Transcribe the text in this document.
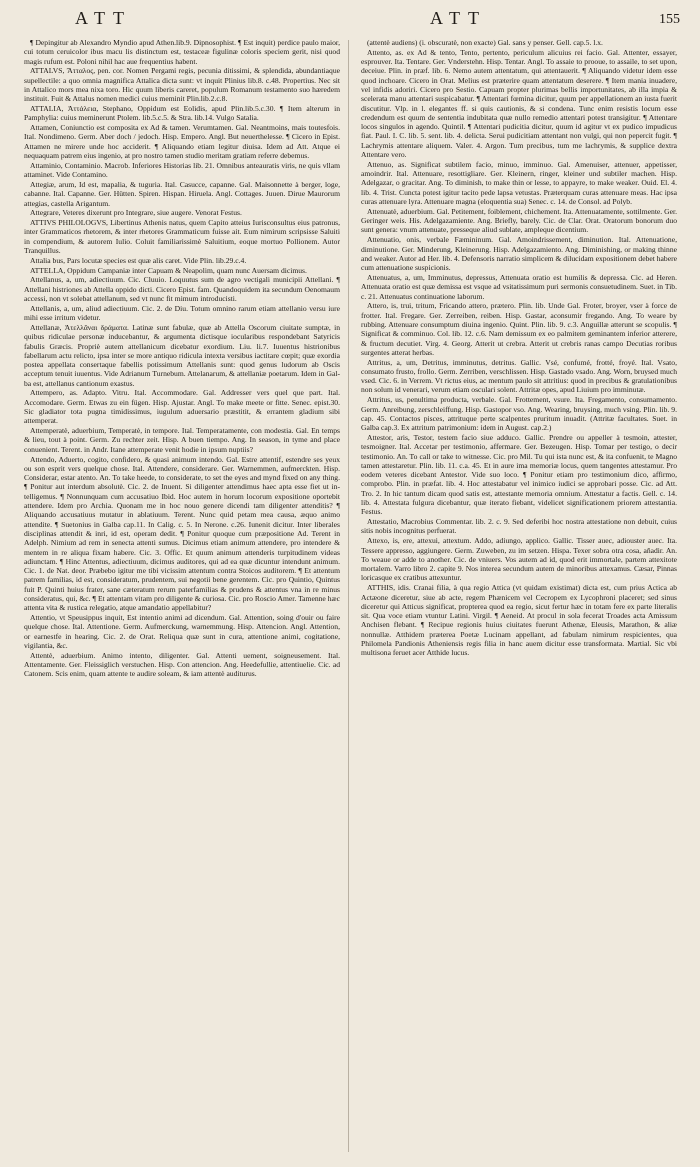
ATT	ATT	155

¶ Depingitur ab Alexandro Myndio apud Athen.lib.9. Dipnosophist. ¶ Est inquit) perdice paulo maior, cui totum ceruicolor ibus macu lis distinctum est, testaceæ figulinæ coloris speciem gerit, nisi quod magis rufum est. Poloni nihil hac aue frequentius habent.

ATTALVS, Ἄτταλος, pen. cor. Nomen Pergami regis, pecunia ditissimi, & splendida, abundantiaque supellectile: a quo omnia magnifica Attalica dicta sunt: vt inquit Plinius lib.8. c.48. Propertius. Nec sit in Attalico mors mea nixa toro. Hic quum liberis careret, populum Romanum testamento suo hæredem instituit. Fuit & Attalus nomen medici cuius meminit Plin.lib.2.c.8.

ATTALIA, Ἀττάλεια, Stephano, Oppidum est Eolidis, apud Plin.lib.5.c.30. ¶ Item alterum in Pamphylia: cuius meminerunt Ptolem. lib.5.c.5. & Stra. lib.14. Vulgo Satalia.

Attamen, Coniunctio est composita ex Ad & tamen. Verumtamen. Gal. Neantmoins, mais toutesfois. Ital. Nondimeno. Germ. Aber doch / jedoch. Hisp. Empero. Angl. But neuerthelesse. ¶ Cicero in Epist. Attamen ne mirere unde hoc acciderit. ¶ Aliquando etiam legitur diuisa. Idem ad Att. Atque ei nequaquam patrem eius ingenio, at pro nostro tamen studio meritam gratiam referre debemus.

Attaminio, Contaminio. Macrob. Inferiores Historias lib. 21. Omnibus anteauratis viris, ne quis vllam attaminet. Vide Contamino.

Attegiæ, arum, Id est, mapalia, & tuguria. Ital. Casucce, capanne. Gal. Maisonnette à berger, loge, cabanne. Ital. Capanne. Ger. Hütten. Spiren. Hispan. Hiruela. Angl. Cottages. Juuen. Dirue Maurorum attegias, castella Arigantum.

Attegrare, Veteres dixerunt pro Integrare, siue augere. Venorat Festus.

ATTIVS PHILOLOGVS, Libertinus Athenis natus, quem Capito atteius Iurisconsultus eius patronus, inter Grammaticos rhetorem, & inter rhetores Grammaticum fuisse ait. Eum nimirum scripsisse Saluiti in compendium, & autorem Iulio. Coluit familiarissimè Saluitium, eoque mortuo Pollionem. Autor Tranquillus.

Attalia bus, Pars locutæ species est quæ alis caret. Vide Plin. lib.29.c.4.

ATTELLA, Oppidum Campaniæ inter Capuam & Neapolim, quam nunc Auersam dicimus.

Attellanus, a, um, adiectiuum. Cic. Cluuio. Loquutus sum de agro vectigali municipii Attellani. ¶ Attellani histriones ab Attella oppido dicti. Cicero Epist. fam. Quandoquidem ita secundum Oenomaum accessi, non vt solebat attellanum, sed vt nunc fit mimum introducisti.

Attellanis, a, um, aliud adiectiuum. Cic. 2. de Diu. Totum omnino rarum etiam attellanio versu iure mihi esse irritum videtur.

Attellanæ, Ἀτελλᾶναι δράματα. Latinæ sunt fabulæ, quæ ab Attella Oscorum ciuitate sumptæ, in quibus ridiculae personæ inducebantur, & argumenta dictisque iocularibus respondebant Satyricis fabulis Græcis. Propriè autem attellanicum dicebatur exordium. Liu. li.7. Iuuentus histrionibus fabellarum actu relicto, ipsa inter se more antiquo ridicula intexta versibus iactitare cœpit; quæ exordia postea appellata consertaque fabellis potissimum Attellanis sunt: quod genus ludorum ab Oscis acceptum tenuit iuuentus. Vide Adrianum Turnebum. Attelanarum, & attellaniæ poetarum. Idem in Galba est, attellanus cantionum exastus.

Attempero, as. Adapto. Vitru. Ital. Accommodare. Gal. Addresser vers quel que part. Ital. Accomodare. Germ. Etwas zu ein fügen. Hisp. Ajustar. Angl. To make meete or fitte. Senec. epist.30. Sic gladiator tota pugna timidissimus, iugulum aduersario præstitit, & errantem gladium sibi attemperat.

Attemperatè, aduerbium, Temperatè, in tempore. Ital. Temperatamente, con modestia. Gal. En temps & lieu, tout à point. Germ. Zu rechter zeit. Hisp. A buen tiempo. Ang. In season, in tyme and place conuenient. Terent. in Andr. Itane attemperate venit hodie in ipsum nuptiis?

Attendo, Aduerto, cogito, confidero, & quasi animum intendo. Gal. Estre attentif, estendre ses yeux ou son esprit vers quelque chose. Ital. Attendere, considerare. Ger. Warnemmen, aufmerckten. Hisp. Considerar, estar atento. An. To take heede, to considerate, to set the eyes and mynd fixed on any thing. ¶ Ponitur aut interdum absolutè. Cic. 2. de Inuent. Si diligenter attendimus haec apta esse fiet ut intelligemus. ¶ Nonnunquam cum accusatiuo Ibid. Hoc autem in horum locorum expositione oportebit attendere. Idem pro Archia. Quonam me in hoc nouo genere dicendi tam diligenter attenditis? ¶ Aliquando accusatiuus mutatur in ablatiuum. Terent. Nunc quid petam mea causa, æquo animo attendite. ¶ Suetonius in Galba cap.11. In Calig. c. 5. In Nerone. c.26. Iunenit dicitur. Inter liberales disciplinas attendit & inri, id est, operam dedit. ¶ Ponitur quoque cum præpositione Ad. Terent in Adelph. Nimium ad rem in senecta attenti sumus. Dicimus etiam animum attendere, pro intendere & mentem in re aliqua fixam habere. Cic. 3. Offic. Et quum animum attenderis turpitudinem videas adiunctam. ¶ Hinc Attentus, adiectiuum, dicimus auditores, qui ad ea quæ dicuntur intendunt animum. Cic. 1. de Nat. deor. Præbebo igitur me tibi vicissim attentum contra Stoicos auditorem. ¶ Et attentum patrem familias, id est, consideratum, prudentem, sui negotii bene gerentem. Cic. pro Quintio, Quintus fuit P. Quinti huius frater, sane cæteratum rerum paterfamilias & prudens & attentus vna in re minus consideratus, qui, &c. ¶ Et attentam vitam pro diligente & curiosa. Cic. pro Roscio Amer. Tamenne hæc attenta vita & rustica relegatio, atque amandatio appellabitur?

Attentio, vt Speusippus inquit, Est intentio animi ad dicendum. Gal. Attention, soing d'ouir ou faire quelque chose. Ital. Attentione. Germ. Aufmerckung, warnemmung. Hisp. Attencion. Angl. Attention, or earnestfe in hearing. Cic. 2. de Orat. Reliqua quæ sunt in cura, attentione animi, cogitatione, vigilantia, &c.

Attentè, aduerbium. Animo intento, diligenter. Gal. Attenti uement, soigneusement. Ital. Attentamente. Ger. Fleissiglich verstuchen. Hisp. Con attencion. Ang. Heedefullie, attentiuelie. Cic. ad Catonem. Scis enim, quam attente te audire soleam, & iam attentè auditurus.

(attentè audiens) (i. obscuratè, non exacte) Gal. sans y penser. Gell. cap.5. l.x.

Attento, as. ex Ad & tento, Tento, pertento, periculum alicuius rei facio. Gal. Attenter, essayer, esprouver. Ita. Tentare. Ger. Vnderstehn. Hisp. Tentar. Angl. To assaie to prooue, to assaile, to set upon, deceiue. Plin. in præf. lib. 6. Nemo autem attentatum, qui attentauerit. ¶ Aliquando videtur idem esse quod inchoare. Cicero in Orat. Melius est præterire quam attentatum deserere. ¶ Item mania inuadere, vel infidis adoriri. Cicero pro Sestio. Capuam propter plurimas bellis importunitates, ab illa impia & scelerata manu attentari suspicabatur. ¶ Attentari fœmina dicitur, quum per appellationem an iusta fuerit discutitur. Vlp. in l. elegantes ff. si quis cautionis, & si condena. Tunc enim resistis locum esse credendum est quum de sententia indubitata quæ nullo remedio attentari potest transigitur. ¶ Attentare locos singulos in agendo. Quintil. ¶ Attentari pudicitia dicitur, quum id agitur vt ex pudico impudicus fiat. Paul. I. C. lib. 5. sent. lib. 4. delicta. Serui pudicitiam attentant non vulgi, qui non pepercit fugit. ¶ Lachrymis attentare aliquem. Valer. 4. Argon. Tum precibus, tum me lachrymis, & supplice dextra Attentare vero.

Attenuo, as. Significat subtilem facio, minuo, imminuo. Gal. Amenuiser, attenuer, appetisser, amoindrir. Ital. Attenuare, resottigliare. Ger. Kleinern, ringer, kleiner und subtiler machen. Hisp. Adelgazar, o gracitar. Ang. To diminish, to make thin or lesse, to appayre, to make weaker. Ouid. El. 4. lib. 4. Trist. Cuncta potest igitur tacito pede lapsa vetustas. Præterquam curas attenuare meas. Hac ipsa curas attenuare lyra. Attenuare magna (eloquentia sua) Senec. c. 14. de Consol. ad Polyb.

Attenuatè, aduerbium. Gal. Petitement, foiblement, chichement. Ita. Attenuatamente, sottilmente. Ger. Geringer weis. His. Adelgazamiente. Ang. Briefly, barely. Cic. de Clar. Orat. Oratorum bonorum duo sunt genera: vnum attenuate, presseque aliud sublate, ampleque dicentium.

Attenuatio, onis, verbale Fæmininum. Gal. Amoindrissement, diminution. Ital. Attenuatione, diminutione. Ger. Minderung, Kleinerung. Hisp. Adelgazamiento. Ang. Diminishing, or making thinne and weaker. Autor ad Her. lib. 4. Defensoris narratio simplicem & dilucidam expositionem debet habere cum attenuatione suspicionis.

Attenuatus, a, um, Imminutus, depressus, Attenuata oratio est humilis & depressa. Cic. ad Heren. Attenuata oratio est quæ demissa est vsque ad vsitatissimum puri sermonis consuetudinem. Suet. in Tib. c. 21. Attenuatus continuatione laborum.

Attero, is, trui, tritum, Fricando attero, prætero. Plin. lib. Unde Gal. Froter, broyer, vser à force de frotter. Ital. Fregare. Ger. Zerreiben, reiben. Hisp. Gastar, aconsumir fregando. Ang. To weare by rubbing. Attenuare consumptum diuina ingenio. Quint. Plin. lib. 9. c.3. Anguillæ atterunt se scopulis. ¶ Significat & comminuo. Col. lib. 12. c.6. Nam demissum ex eo palmitem geminantem inferior atterere, & fructum decutiet. Virg. 4. Georg. Atterit ut crebra. Atterit ut crebris ranas campo Decutias roribus surgentes atterat herbas.

Attritus, a, um, Detritus, imminutus, detritus. Gallic. Vsé, confumé, frotté, froyé. Ital. Vsato, consumato frusto, frollo. Germ. Zerriben, verschlissen. Hisp. Gastado vsado. Ang. Worn, bruysed much vsed. Cic. 6. in Verrem. Vt rictus eius, ac mentum paulo sit attritius: quod in precibus & gratulationibus non solum id venerari, verum etiam osculari solent. Attritæ opes, apud Liuium pro imminutæ.

Attritus, us, penultima producta, verbale. Gal. Frottement, vsure. Ita. Fregamento, consumamento. Germ. Anreibung, zerschleiffung. Hisp. Gastopor vso. Ang. Wearing, bruysing, much vsing. Plin. lib. 9. cap. 45. Contactos pisces, attrituque perte scalpentes pruritum inuadit. (Attritæ facultates. Suet. in Galba cap.3. Ex attritum patrimonium: idem in August. cap.2.)

Attestor, aris, Testor, testem facio siue adduco. Gallic. Prendre ou appeller à tesmoin, attester, tesmoigner. Ital. Accetar per testimonio, affermare. Ger. Bezeugen. Hisp. Tomar per testigo, o decir testimonio. An. To call or take to witnesse. Cic. pro Mil. Tu qui ista nunc est, & ita confuenit, te Magno tamen attestaretur. Plin. lib. 11. c.a. 45. Et in aure ima memoriæ locus, quem tangentes attestamur. Pro eodem veteres dicebant Antestor. Vide suo loco. ¶ Ponitur etiam pro testimonium dico, affirmo, comprobo. Plin. in præfat. lib. 4. Hoc attestabatur vel inimico iudici se approbari posse. Cic. ad Att. Tro. 2. In hic tantum dicam quod satis est, attestante memoria omnium. Attestatur a factis. Gell. c. 14. lib. 4. Attestata fulgura dicebantur, quæ iterato fiebant, videlicet significationem priorem attestantia. Festus.

Attestatio, Macrobius Commentar. lib. 2. c. 9. Sed deferibi hoc nostra attestatione non debuit, cuius sitis nobis incognitus perfuerat.

Attexo, is, ere, attexui, attextum. Addo, adiungo, applico. Gallic. Tisser auec, adiouster auec. Ita. Tessere appresso, aggiungere. Germ. Zuweben, zu im setzen. Hispa. Texer sobra otra cosa, añadir. An. To weaue or adde to another. Cic. de vniuers. Vos autem ad id, quod erit immortale, partem attexitote mortalem. Varro libro 2. capite 9. Nos interea secundum autem de minoribus attexamus. Cæsar, Pinnas loricasque ex cratibus attexuntur.

ATTHIS, idis. Cranai filia, à qua regio Attica (vt quidam existimat) dicta est, cum prius Actica ab Actæone diceretur, siue ab acte, regem Phænicem vel Cecropem ex Lycophroni placeret; sed sinus diceretur qui Atticus significat, propterea quod ea regio, sicut fertur hæc in totam fere ex parte literalis sit. Qua voce etiam vtuntur Latini. Virgil. ¶ Aeneid. At procul in sola fecerat Troades acta Amissum Anchisen flebant. ¶ Recipue regionis huius ciuitates fuerunt Athenæ, Eleusis, Marathon, & aliæ nonnullæ. Atthidem præterea Poetæ Lucinam appellant, ad fabulam nimirum respicientes, qua Philomela Pandionis Atheniensis regis filia in hanc auem dicitur esse transformata. Martial. Sic vbi multisona feruet acer Atthide lucus.
